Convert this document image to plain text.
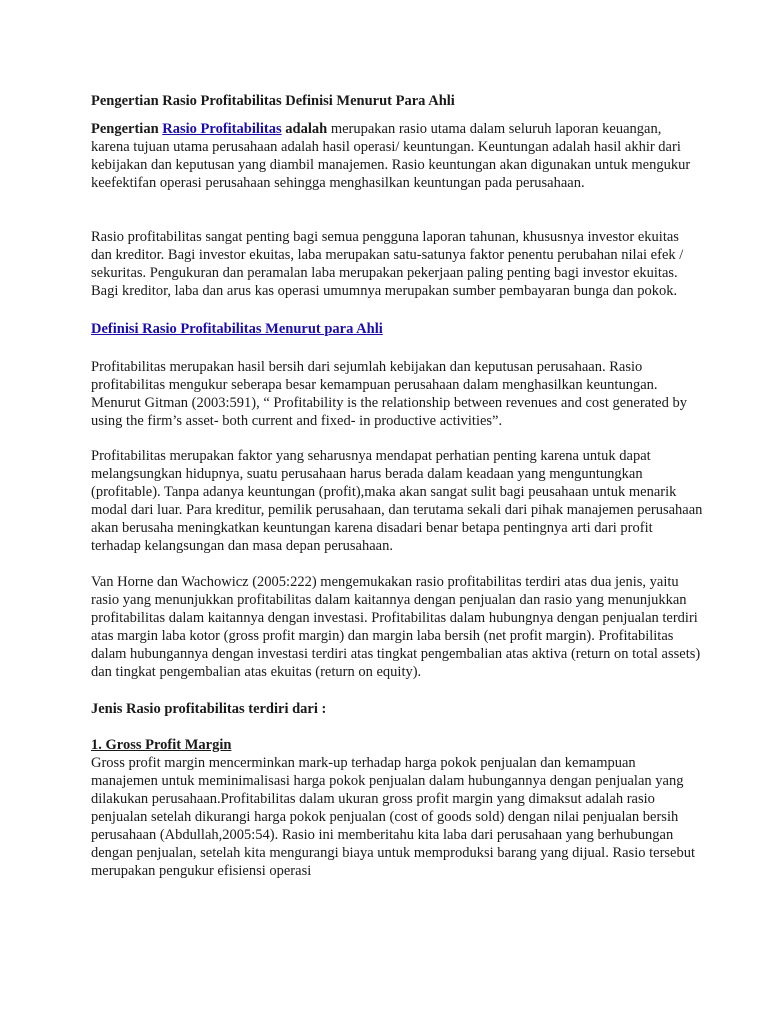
Pengertian Rasio Profitabilitas Definisi Menurut Para Ahli

Pengertian Rasio Profitabilitas adalah merupakan rasio utama dalam seluruh laporan keuangan, karena tujuan utama perusahaan adalah hasil operasi/ keuntungan. Keuntungan adalah hasil akhir dari kebijakan dan keputusan yang diambil manajemen. Rasio keuntungan akan digunakan untuk mengukur keefektifan operasi perusahaan sehingga menghasilkan keuntungan pada perusahaan.

Rasio profitabilitas sangat penting bagi semua pengguna laporan tahunan, khususnya investor ekuitas dan kreditor. Bagi investor ekuitas, laba merupakan satu-satunya faktor penentu perubahan nilai efek / sekuritas. Pengukuran dan peramalan laba merupakan pekerjaan paling penting bagi investor ekuitas. Bagi kreditor, laba dan arus kas operasi umumnya merupakan sumber pembayaran bunga dan pokok.

Definisi Rasio Profitabilitas Menurut para Ahli

Profitabilitas merupakan hasil bersih dari sejumlah kebijakan dan keputusan perusahaan. Rasio profitabilitas mengukur seberapa besar kemampuan perusahaan dalam menghasilkan keuntungan. Menurut Gitman (2003:591), “ Profitability is the relationship between revenues and cost generated by using the firm’s asset- both current and fixed- in productive activities”.

Profitabilitas merupakan faktor yang seharusnya mendapat perhatian penting karena untuk dapat melangsungkan hidupnya, suatu perusahaan harus berada dalam keadaan yang menguntungkan (profitable). Tanpa adanya keuntungan (profit),maka akan sangat sulit bagi peusahaan untuk menarik modal dari luar. Para kreditur, pemilik perusahaan, dan terutama sekali dari pihak manajemen perusahaan akan berusaha meningkatkan keuntungan karena disadari benar betapa pentingnya arti dari profit terhadap kelangsungan dan masa depan perusahaan.

Van Horne dan Wachowicz (2005:222) mengemukakan rasio profitabilitas terdiri atas dua jenis, yaitu rasio yang menunjukkan profitabilitas dalam kaitannya dengan penjualan dan rasio yang menunjukkan profitabilitas dalam kaitannya dengan investasi. Profitabilitas dalam hubungnya dengan penjualan terdiri atas margin laba kotor (gross profit margin) dan margin laba bersih (net profit margin). Profitabilitas dalam hubungannya dengan investasi terdiri atas tingkat pengembalian atas aktiva (return on total assets) dan tingkat pengembalian atas ekuitas (return on equity).

Jenis Rasio profitabilitas terdiri dari :

1. Gross Profit Margin

Gross profit margin mencerminkan mark-up terhadap harga pokok penjualan dan kemampuan manajemen untuk meminimalisasi harga pokok penjualan dalam hubungannya dengan penjualan yang dilakukan perusahaan.Profitabilitas dalam ukuran gross profit margin yang dimaksut adalah rasio penjualan setelah dikurangi harga pokok penjualan (cost of goods sold) dengan nilai penjualan bersih perusahaan (Abdullah,2005:54). Rasio ini memberitahu kita laba dari perusahaan yang berhubungan dengan penjualan, setelah kita mengurangi biaya untuk memproduksi barang yang dijual. Rasio tersebut merupakan pengukur efisiensi operasi
